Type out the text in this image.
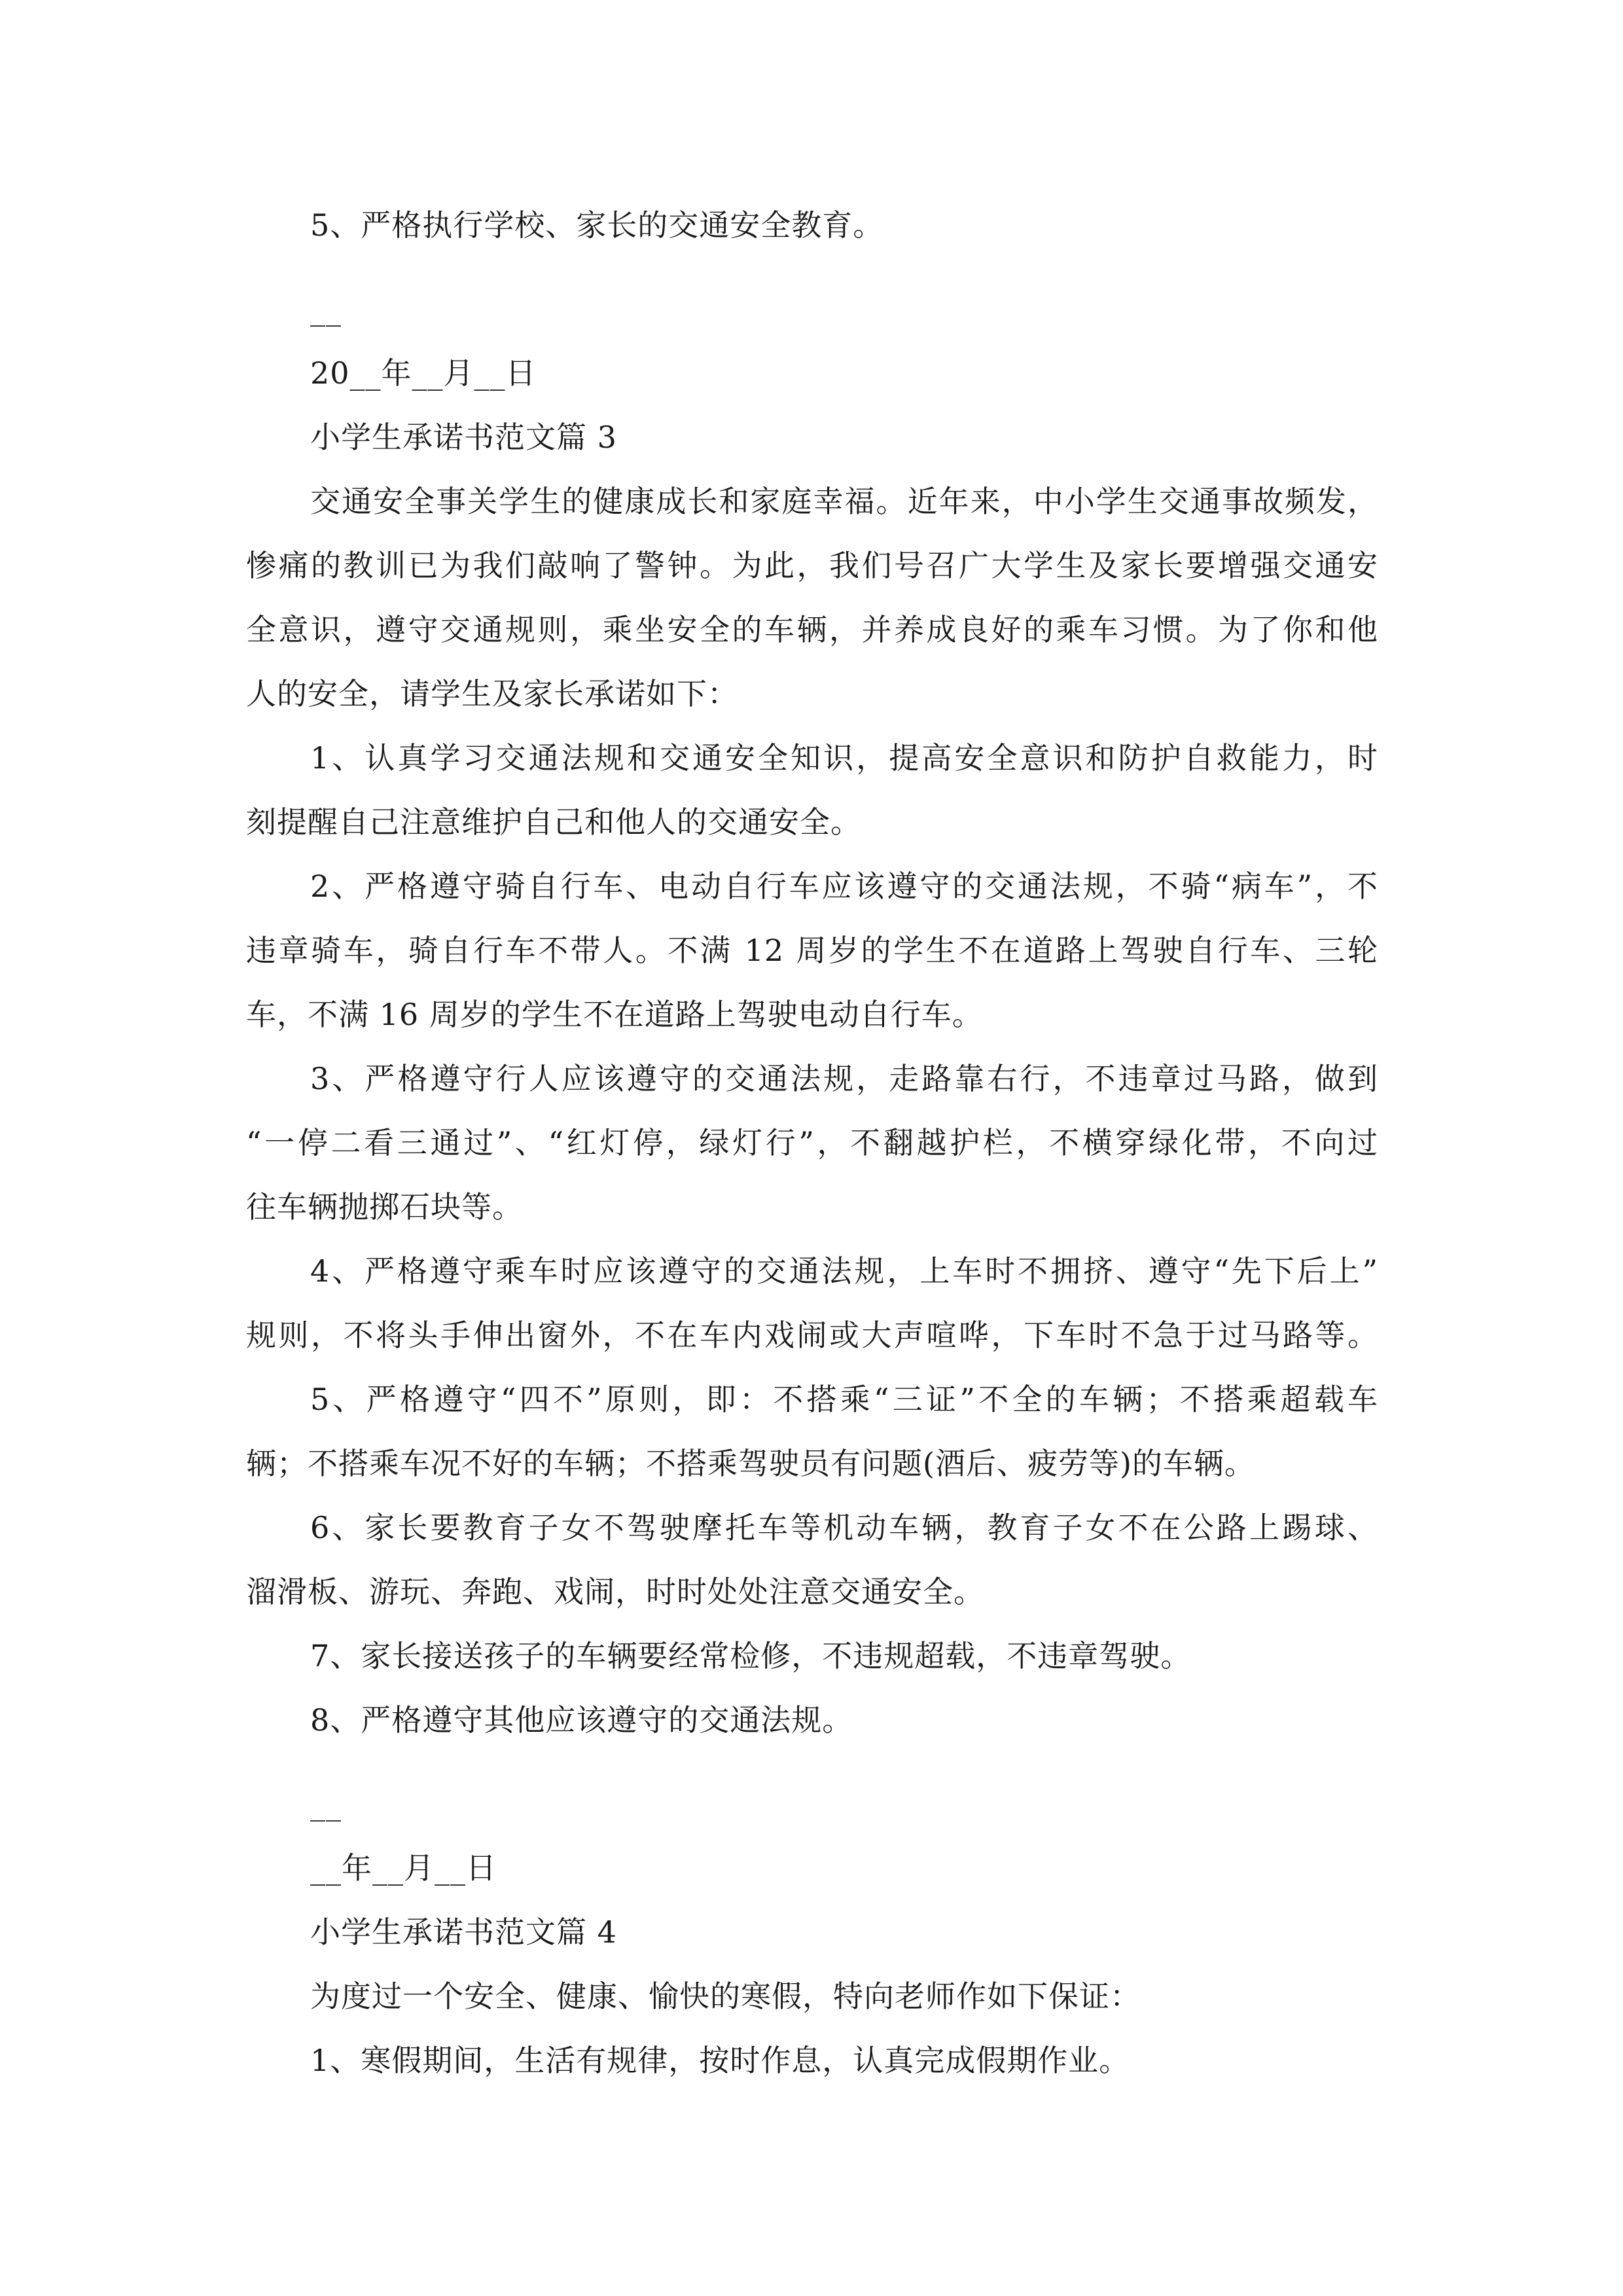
5、严格执行学校、家长的交通安全教育。
__
20__年__月__日
小学生承诺书范文篇 3
交通安全事关学生的健康成长和家庭幸福。近年来，中小学生交通事故频发，
惨痛的教训已为我们敲响了警钟。为此，我们号召广大学生及家长要增强交通安
全意识，遵守交通规则，乘坐安全的车辆，并养成良好的乘车习惯。为了你和他
人的安全，请学生及家长承诺如下：
1、认真学习交通法规和交通安全知识，提高安全意识和防护自救能力，时
刻提醒自己注意维护自己和他人的交通安全。
2、严格遵守骑自行车、电动自行车应该遵守的交通法规，不骑“病车”，不
违章骑车，骑自行车不带人。不满 12 周岁的学生不在道路上驾驶自行车、三轮
车，不满 16 周岁的学生不在道路上驾驶电动自行车。
3、严格遵守行人应该遵守的交通法规，走路靠右行，不违章过马路，做到
“一停二看三通过”、“红灯停，绿灯行”，不翻越护栏，不横穿绿化带，不向过
往车辆抛掷石块等。
4、严格遵守乘车时应该遵守的交通法规，上车时不拥挤、遵守“先下后上”
规则，不将头手伸出窗外，不在车内戏闹或大声喧哗，下车时不急于过马路等。
5、严格遵守“四不”原则，即：不搭乘“三证”不全的车辆；不搭乘超载车
辆；不搭乘车况不好的车辆；不搭乘驾驶员有问题(酒后、疲劳等)的车辆。
6、家长要教育子女不驾驶摩托车等机动车辆，教育子女不在公路上踢球、
溜滑板、游玩、奔跑、戏闹，时时处处注意交通安全。
7、家长接送孩子的车辆要经常检修，不违规超载，不违章驾驶。
8、严格遵守其他应该遵守的交通法规。
__
__年__月__日
小学生承诺书范文篇 4
为度过一个安全、健康、愉快的寒假，特向老师作如下保证：
1、寒假期间，生活有规律，按时作息，认真完成假期作业。
